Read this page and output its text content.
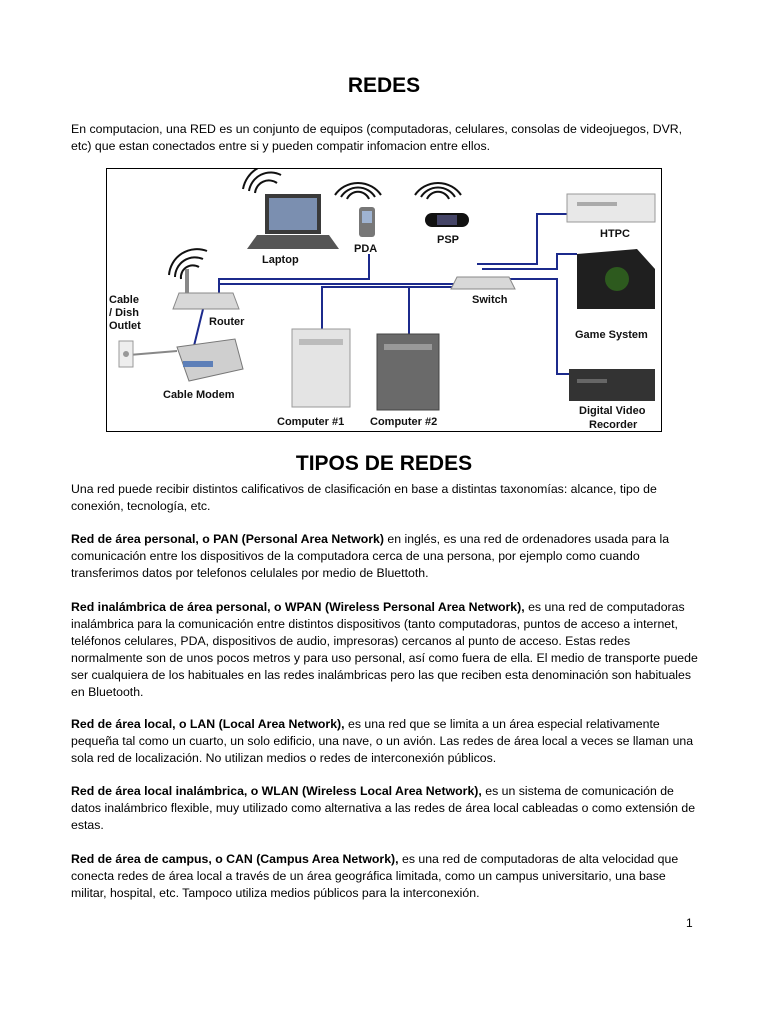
REDES

En computacion, una RED es un conjunto de equipos (computadoras, celulares, consolas de videojuegos, DVR, etc) que estan conectados entre si y pueden compatir infomacion entre ellos.

Laptop
PDA
PSP	HTPC
Cable
/ Dish
Outlet	Router
Switch
Game System
Cable Modem
Computer #1 Computer #2
Digital Video
Recorder
TIPOS DE REDES

Una red puede recibir distintos calificativos de clasificación en base a distintas taxonomías: alcance, tipo de conexión, tecnología, etc.

Red de área personal, o PAN (Personal Area Network) en inglés, es una red de ordenadores usada para la comunicación entre los dispositivos de la computadora cerca de una persona, por ejemplo como cuando transferimos datos por telefonos celulales por medio de Bluettoth.

Red inalámbrica de área personal, o WPAN (Wireless Personal Area Network), es una red de computadoras inalámbrica para la comunicación entre distintos dispositivos (tanto computadoras, puntos de acceso a internet, teléfonos celulares, PDA, dispositivos de audio, impresoras) cercanos al punto de acceso. Estas redes normalmente son de unos pocos metros y para uso personal, así como fuera de ella. El medio de transporte puede ser cualquiera de los habituales en las redes inalámbricas pero las que reciben esta denominación son habituales en Bluetooth.

Red de área local, o LAN (Local Area Network), es una red que se limita a un área especial relativamente pequeña tal como un cuarto, un solo edificio, una nave, o un avión. Las redes de área local a veces se llaman una sola red de localización. No utilizan medios o redes de interconexión públicos.

Red de área local inalámbrica, o WLAN (Wireless Local Area Network), es un sistema de comunicación de datos inalámbrico flexible, muy utilizado como alternativa a las redes de área local cableadas o como extensión de estas.

Red de área de campus, o CAN (Campus Area Network), es una red de computadoras de alta velocidad que conecta redes de área local a través de un área geográfica limitada, como un campus universitario, una base militar, hospital, etc. Tampoco utiliza medios públicos para la interconexión.

1
